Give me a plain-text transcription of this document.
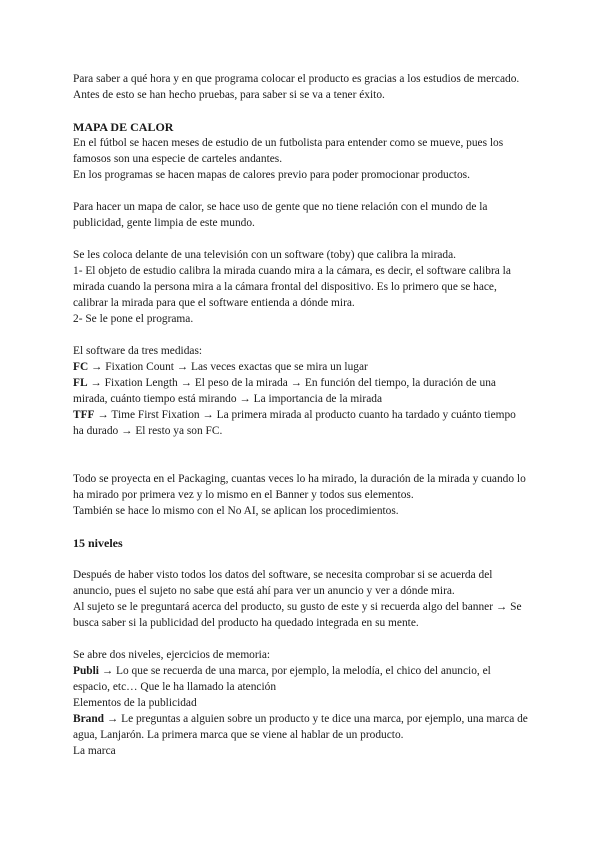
Para saber a qué hora y en que programa colocar el producto es gracias a los estudios de mercado.

Antes de esto se han hecho pruebas, para saber si se va a tener éxito.

MAPA DE CALOR

En el fútbol se hacen meses de estudio de un futbolista para entender como se mueve, pues los famosos son una especie de carteles andantes.

En los programas se hacen mapas de calores previo para poder promocionar productos.

Para hacer un mapa de calor, se hace uso de gente que no tiene relación con el mundo de la publicidad, gente limpia de este mundo.

Se les coloca delante de una televisión con un software (toby) que calibra la mirada.

1- El objeto de estudio calibra la mirada cuando mira a la cámara, es decir, el software calibra la mirada cuando la persona mira a la cámara frontal del dispositivo. Es lo primero que se hace, calibrar la mirada para que el software entienda a dónde mira.

2- Se le pone el programa.

El software da tres medidas:

FC → Fixation Count → Las veces exactas que se mira un lugar

FL → Fixation Length → El peso de la mirada → En función del tiempo, la duración de una mirada, cuánto tiempo está mirando → La importancia de la mirada

TFF → Time First Fixation → La primera mirada al producto cuanto ha tardado y cuánto tiempo ha durado → El resto ya son FC.

Todo se proyecta en el Packaging, cuantas veces lo ha mirado, la duración de la mirada y cuando lo ha mirado por primera vez y lo mismo en el Banner y todos sus elementos.

También se hace lo mismo con el No AI, se aplican los procedimientos.

15 niveles

Después de haber visto todos los datos del software, se necesita comprobar si se acuerda del anuncio, pues el sujeto no sabe que está ahí para ver un anuncio y ver a dónde mira.

Al sujeto se le preguntará acerca del producto, su gusto de este y si recuerda algo del banner → Se busca saber si la publicidad del producto ha quedado integrada en su mente.

Se abre dos niveles, ejercicios de memoria:

Publi → Lo que se recuerda de una marca, por ejemplo, la melodía, el chico del anuncio, el espacio, etc… Que le ha llamado la atención

Elementos de la publicidad

Brand → Le preguntas a alguien sobre un producto y te dice una marca, por ejemplo, una marca de agua, Lanjarón. La primera marca que se viene al hablar de un producto.

La marca
